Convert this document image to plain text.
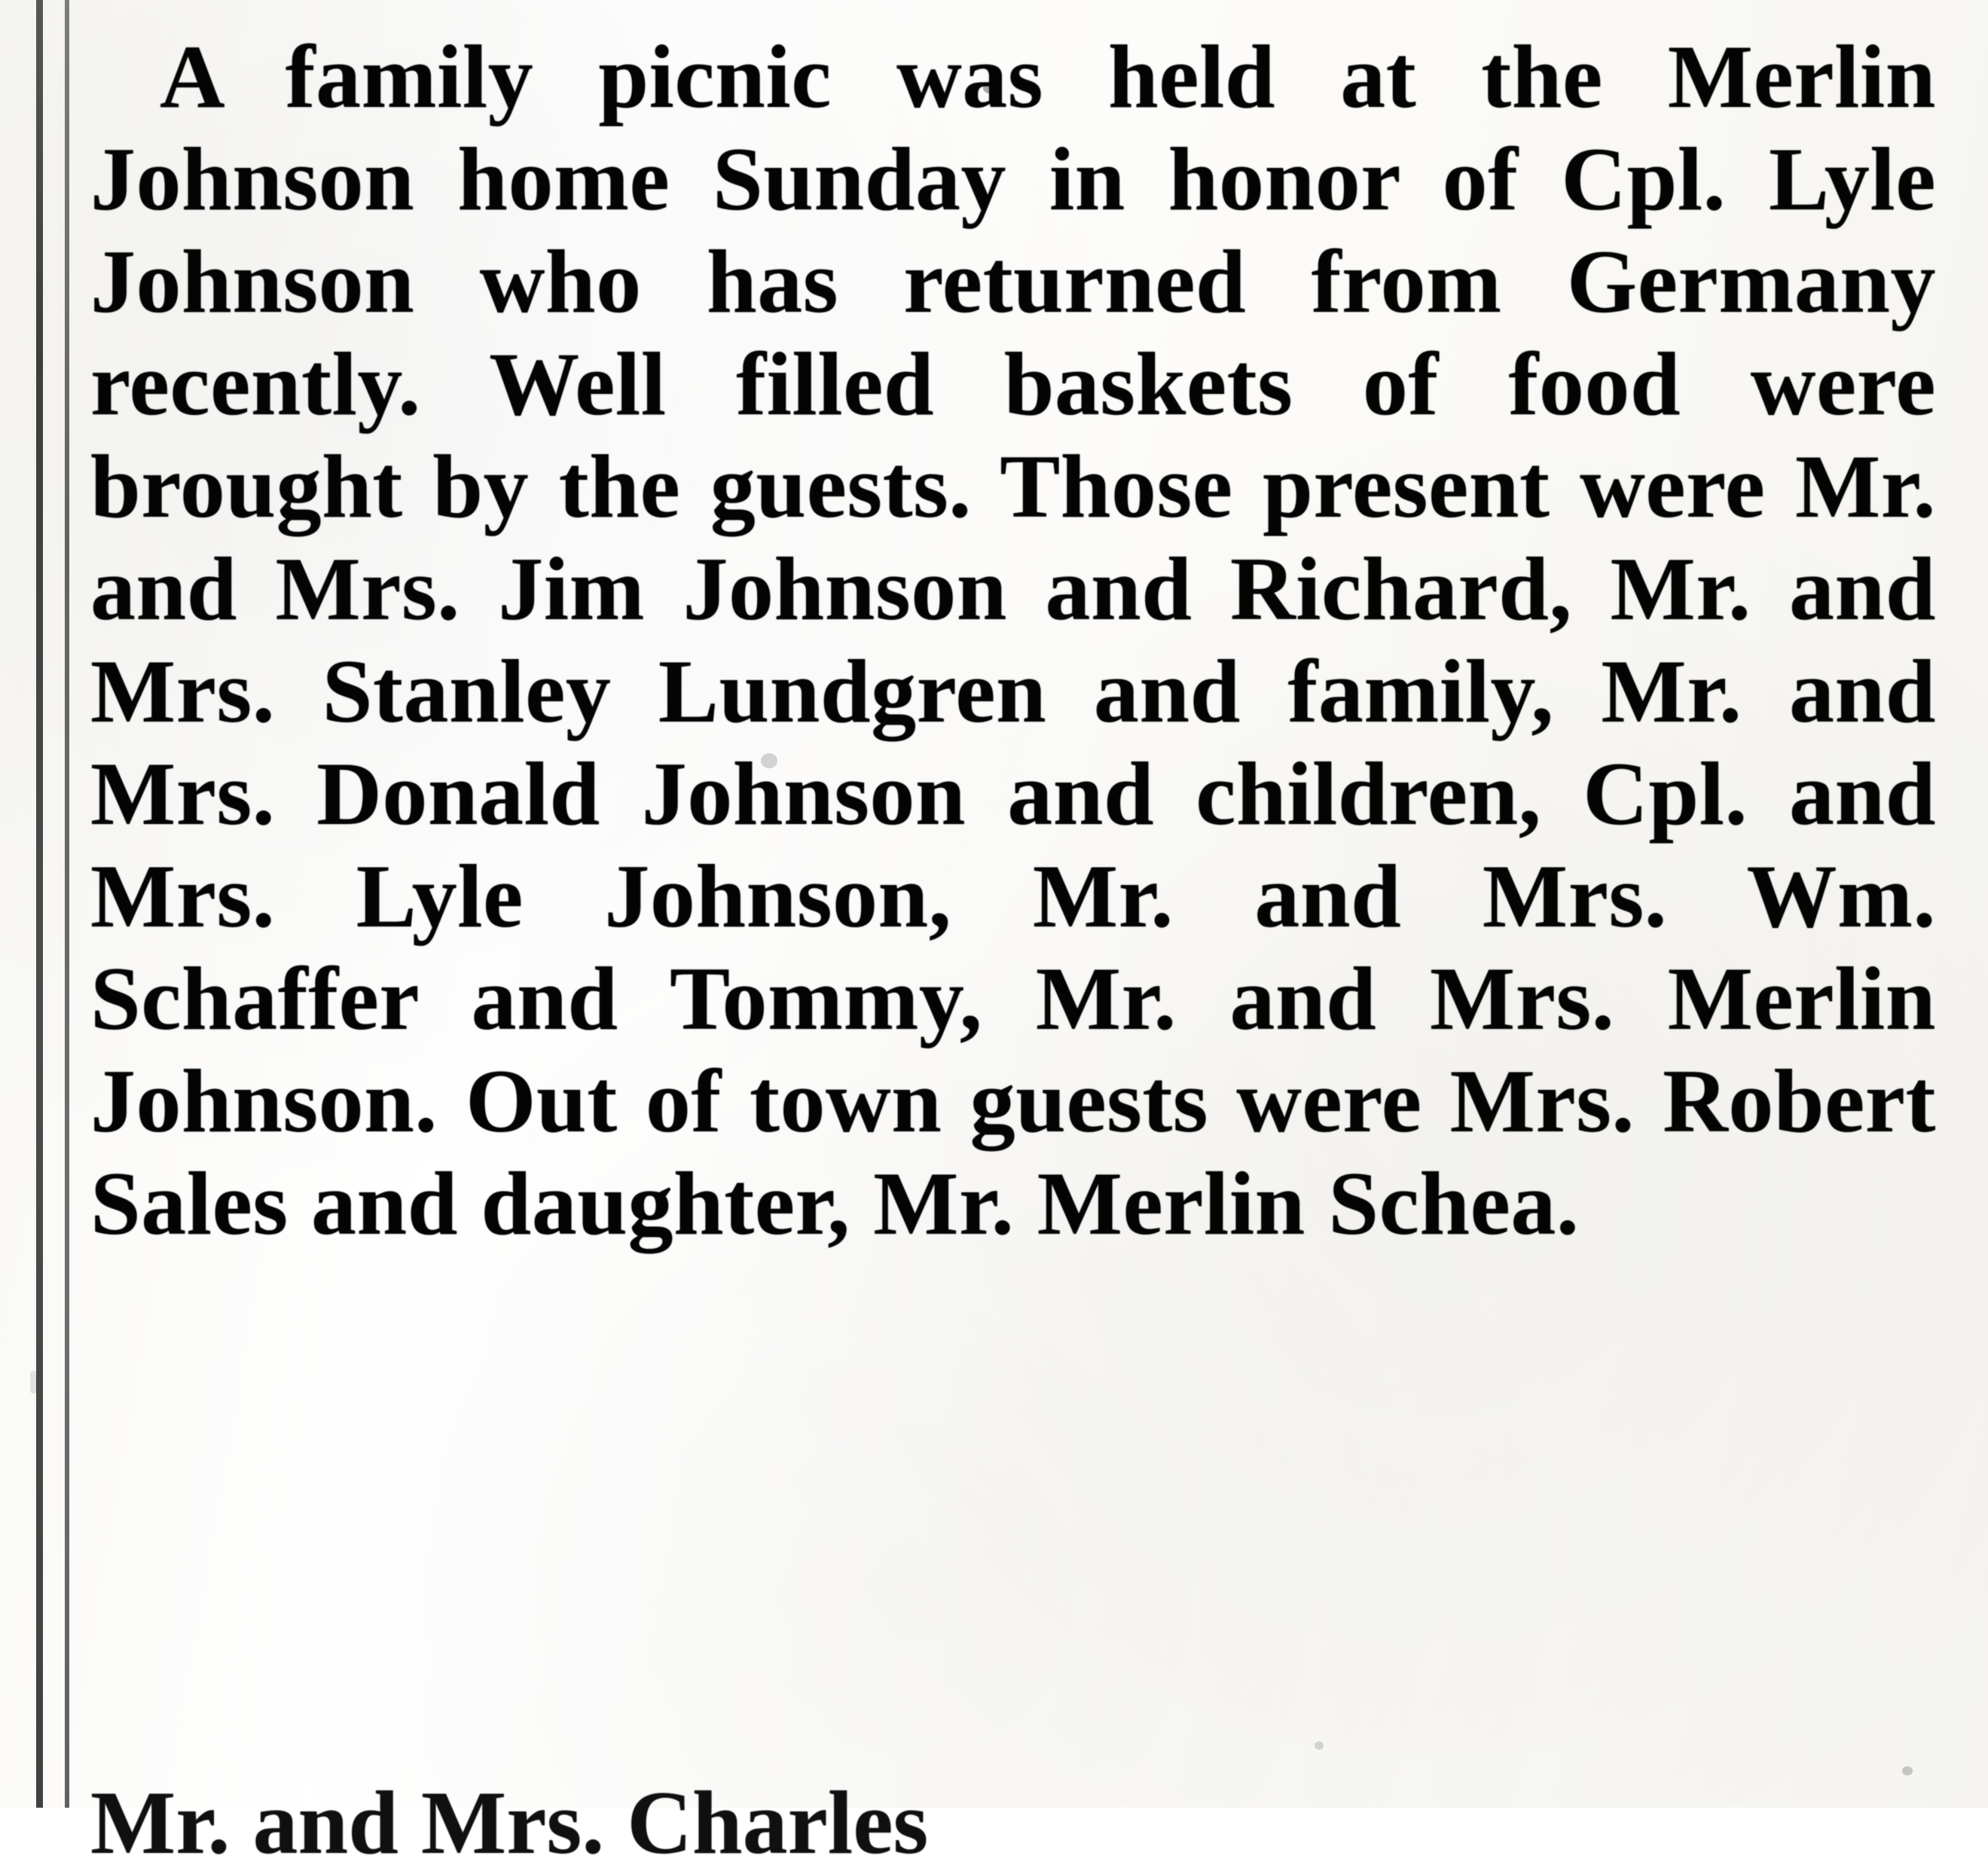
A family picnic was held at the Merlin Johnson home Sunday in honor of Cpl. Lyle Johnson who has returned from Germany recently. Well filled baskets of food were brought by the guests. Those present were Mr. and Mrs. Jim Johnson and Richard, Mr. and Mrs. Stanley Lundgren and family, Mr. and Mrs. Donald Johnson and children, Cpl. and Mrs. Lyle Johnson, Mr. and Mrs. Wm. Schaffer and Tommy, Mr. and Mrs. Merlin Johnson. Out of town guests were Mrs. Robert Sales and daughter, Mr. Merlin Schea.

Mr. and Mrs. Charles
